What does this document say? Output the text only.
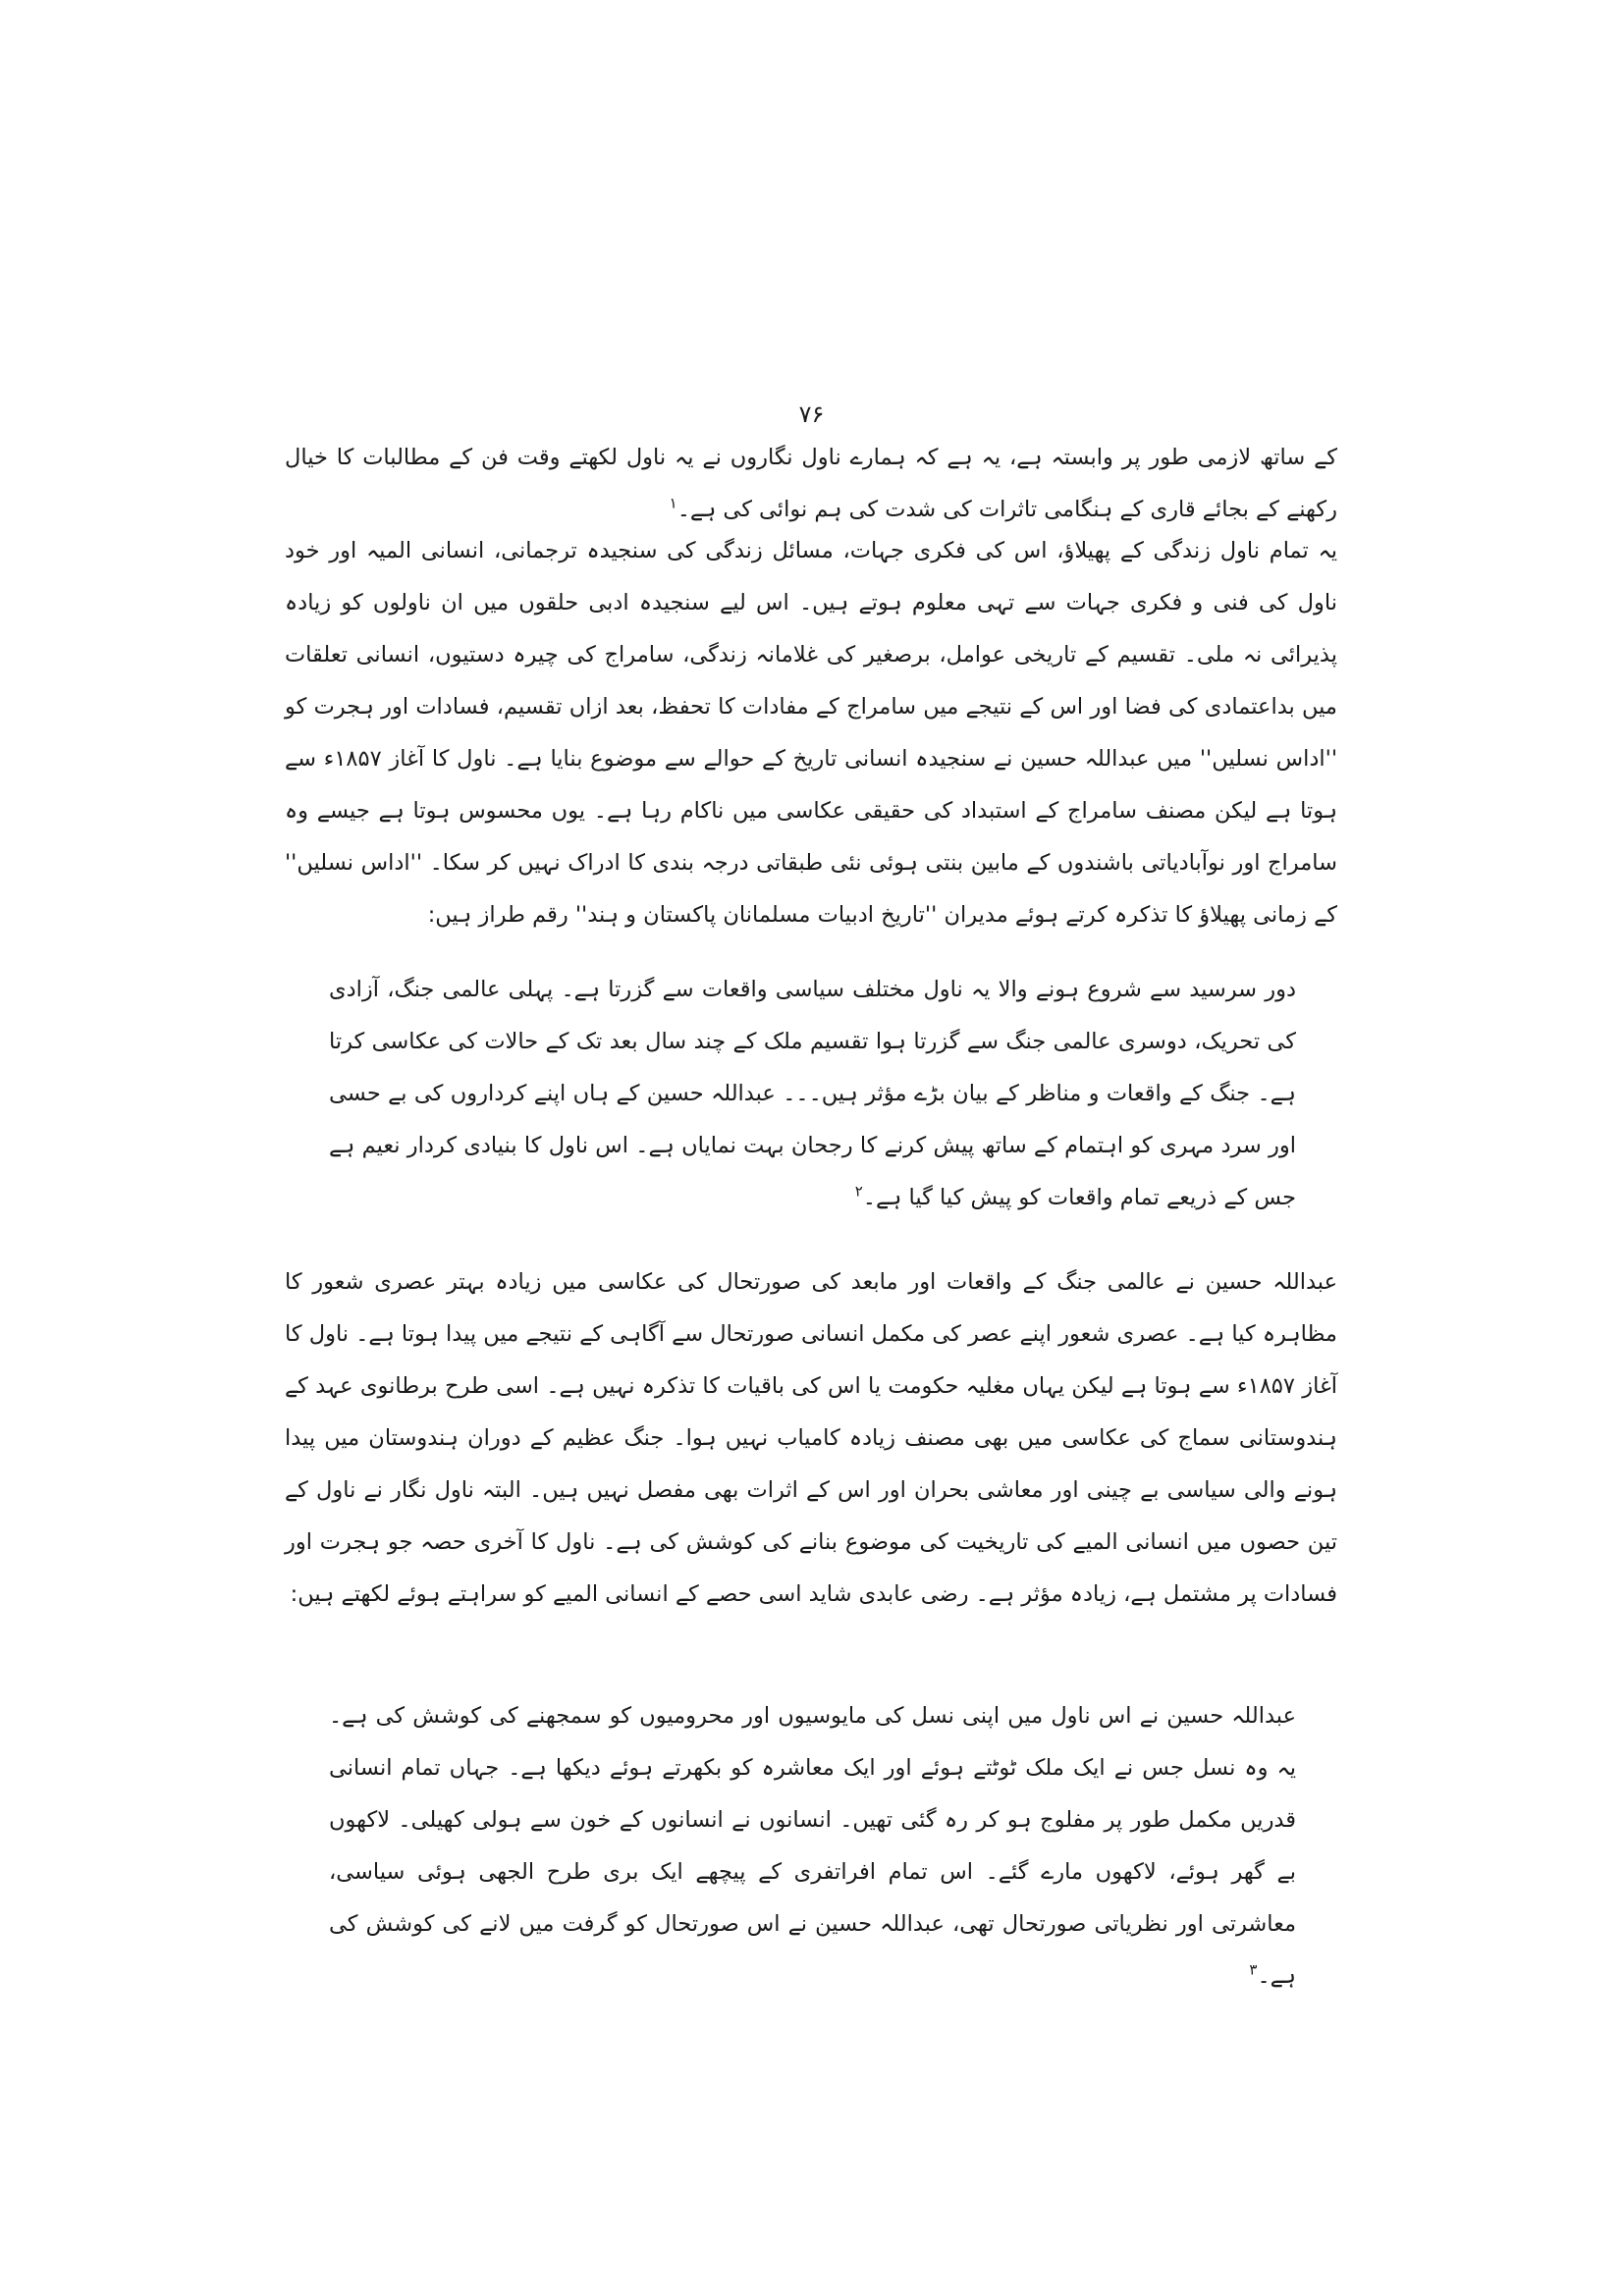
۷۶
کے ساتھ لازمی طور پر وابستہ ہے، یہ ہے کہ ہمارے ناول نگاروں نے یہ ناول لکھتے وقت فن کے مطالبات کا خیال رکھنے کے بجائے قاری کے ہنگامی تاثرات کی شدت کی ہم نوائی کی ہے۔$^۱$
یہ تمام ناول زندگی کے پھیلاؤ، اس کی فکری جہات، مسائل زندگی کی سنجیدہ ترجمانی، انسانی المیہ اور خود ناول کی فنی و فکری جہات سے تہی معلوم ہوتے ہیں۔ اس لیے سنجیدہ ادبی حلقوں میں ان ناولوں کو زیادہ پذیرائی نہ ملی۔ تقسیم کے تاریخی عوامل، برصغیر کی غلامانہ زندگی، سامراج کی چیرہ دستیوں، انسانی تعلقات میں بداعتمادی کی فضا اور اس کے نتیجے میں سامراج کے مفادات کا تحفظ، بعد ازاں تقسیم، فسادات اور ہجرت کو ''اداس نسلیں'' میں عبداللہ حسین نے سنجیدہ انسانی تاریخ کے حوالے سے موضوع بنایا ہے۔ ناول کا آغاز ۱۸۵۷ء سے ہوتا ہے لیکن مصنف سامراج کے استبداد کی حقیقی عکاسی میں ناکام رہا ہے۔ یوں محسوس ہوتا ہے جیسے وہ سامراج اور نوآبادیاتی باشندوں کے مابین بنتی ہوئی نئی طبقاتی درجہ بندی کا ادراک نہیں کر سکا۔ ''اداس نسلیں'' کے زمانی پھیلاؤ کا تذکرہ کرتے ہوئے مدیران ''تاریخ ادبیات مسلمانان پاکستان و ہند'' رقم طراز ہیں:
دور سرسید سے شروع ہونے والا یہ ناول مختلف سیاسی واقعات سے گزرتا ہے۔ پہلی عالمی جنگ، آزادی کی تحریک، دوسری عالمی جنگ سے گزرتا ہوا تقسیم ملک کے چند سال بعد تک کے حالات کی عکاسی کرتا ہے۔ جنگ کے واقعات و مناظر کے بیان بڑے مؤثر ہیں۔۔۔ عبداللہ حسین کے ہاں اپنے کرداروں کی بے حسی اور سرد مہری کو اہتمام کے ساتھ پیش کرنے کا رجحان بہت نمایاں ہے۔ اس ناول کا بنیادی کردار نعیم ہے جس کے ذریعے تمام واقعات کو پیش کیا گیا ہے۔$^۲$
عبداللہ حسین نے عالمی جنگ کے واقعات اور مابعد کی صورتحال کی عکاسی میں زیادہ بہتر عصری شعور کا مظاہرہ کیا ہے۔ عصری شعور اپنے عصر کی مکمل انسانی صورتحال سے آگاہی کے نتیجے میں پیدا ہوتا ہے۔ ناول کا آغاز ۱۸۵۷ء سے ہوتا ہے لیکن یہاں مغلیہ حکومت یا اس کی باقیات کا تذکرہ نہیں ہے۔ اسی طرح برطانوی عہد کے ہندوستانی سماج کی عکاسی میں بھی مصنف زیادہ کامیاب نہیں ہوا۔ جنگ عظیم کے دوران ہندوستان میں پیدا ہونے والی سیاسی بے چینی اور معاشی بحران اور اس کے اثرات بھی مفصل نہیں ہیں۔ البتہ ناول نگار نے ناول کے تین حصوں میں انسانی المیے کی تاریخیت کی موضوع بنانے کی کوشش کی ہے۔ ناول کا آخری حصہ جو ہجرت اور فسادات پر مشتمل ہے، زیادہ مؤثر ہے۔ رضی عابدی شاید اسی حصے کے انسانی المیے کو سراہتے ہوئے لکھتے ہیں:
عبداللہ حسین نے اس ناول میں اپنی نسل کی مایوسیوں اور محرومیوں کو سمجھنے کی کوشش کی ہے۔ یہ وہ نسل جس نے ایک ملک ٹوٹتے ہوئے اور ایک معاشرہ کو بکھرتے ہوئے دیکھا ہے۔ جہاں تمام انسانی قدریں مکمل طور پر مفلوج ہو کر رہ گئی تھیں۔ انسانوں نے انسانوں کے خون سے ہولی کھیلی۔ لاکھوں بے گھر ہوئے، لاکھوں مارے گئے۔ اس تمام افراتفری کے پیچھے ایک بری طرح الجھی ہوئی سیاسی، معاشرتی اور نظریاتی صورتحال تھی، عبداللہ حسین نے اس صورتحال کو گرفت میں لانے کی کوشش کی ہے۔$^۳$
